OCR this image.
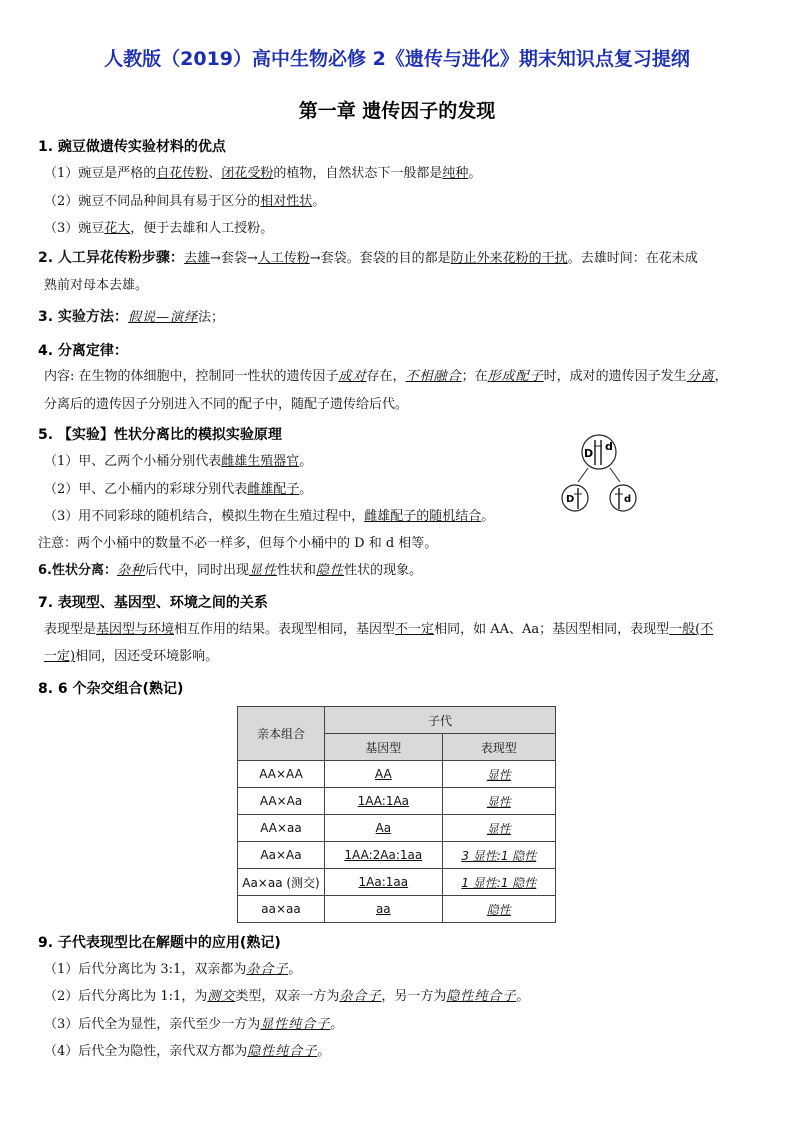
人教版（2019）高中生物必修 2《遗传与进化》期末知识点复习提纲
第一章 遗传因子的发现
1. 豌豆做遗传实验材料的优点
（1）豌豆是严格的自花传粉、闭花受粉的植物，自然状态下一般都是纯种。
（2）豌豆不同品种间具有易于区分的相对性状。
（3）豌豆花大，便于去雄和人工授粉。
2. 人工异花传粉步骤：去雄→套袋→人工传粉→套袋。套袋的目的都是防止外来花粉的干扰。去雄时间：在花未成
熟前对母本去雄。
3. 实验方法：假说—演绎法；
4. 分离定律：
内容: 在生物的体细胞中，控制同一性状的遗传因子成对存在，不相融合；在形成配子时，成对的遗传因子发生分离，
分离后的遗传因子分别进入不同的配子中，随配子遗传给后代。
5. 【实验】性状分离比的模拟实验原理
（1）甲、乙两个小桶分别代表雌雄生殖器官。
（2）甲、乙小桶内的彩球分别代表雌雄配子。
（3）用不同彩球的随机结合，模拟生物在生殖过程中，雌雄配子的随机结合。
注意：两个小桶中的数量不必一样多，但每个小桶中的 D 和 d 相等。
D
d
D	d
6.性状分离：杂种后代中，同时出现显性性状和隐性性状的现象。
7. 表现型、基因型、环境之间的关系
表现型是基因型与环境相互作用的结果。表现型相同，基因型不一定相同，如 AA、Aa；基因型相同，表现型一般(不
一定)相同，因还受环境影响。
8. 6 个杂交组合(熟记)
亲本组合	子代	
	基因型	表现型
AA×AA	AA	显性
AA×Aa	1AA:1Aa	显性
AA×aa	Aa	显性
Aa×Aa	1AA:2Aa:1aa	3 显性:1 隐性
Aa×aa (测交)	1Aa:1aa	1 显性:1 隐性
aa×aa	aa	隐性
9. 子代表现型比在解题中的应用(熟记)
（1）后代分离比为 3:1，双亲都为杂合子。
（2）后代分离比为 1:1，为测交类型，双亲一方为杂合子，另一方为隐性纯合子。
（3）后代全为显性，亲代至少一方为显性纯合子。
（4）后代全为隐性，亲代双方都为隐性纯合子。
